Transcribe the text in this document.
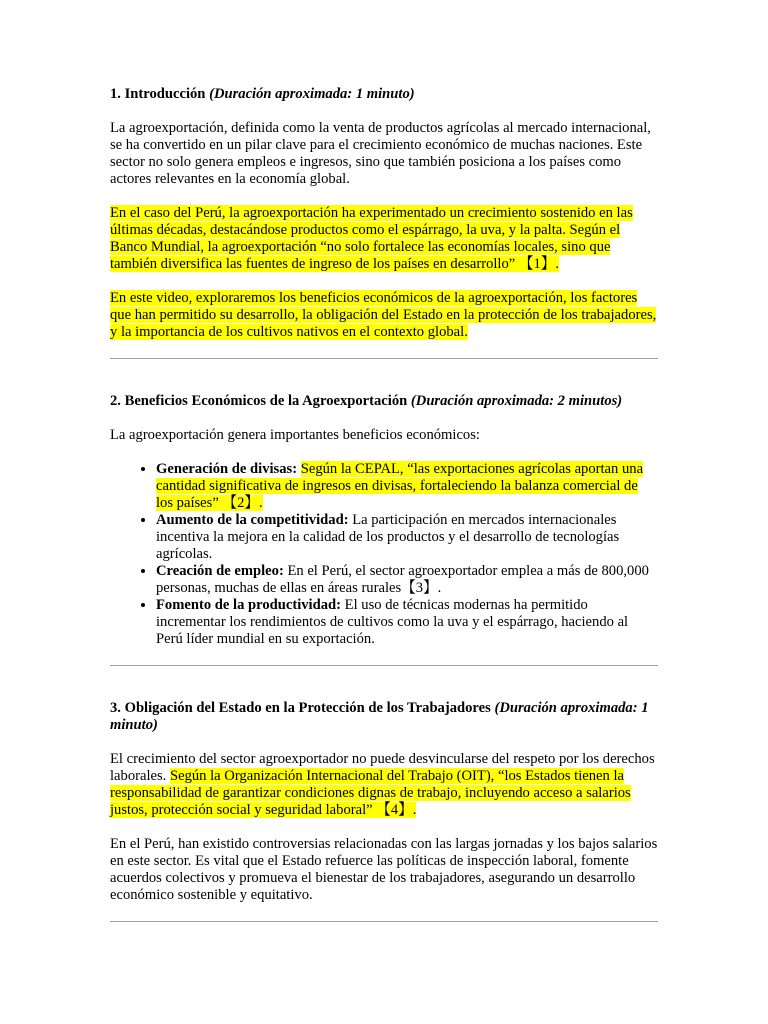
1. Introducción (Duración aproximada: 1 minuto)

La agroexportación, definida como la venta de productos agrícolas al mercado internacional, se ha convertido en un pilar clave para el crecimiento económico de muchas naciones. Este sector no solo genera empleos e ingresos, sino que también posiciona a los países como actores relevantes en la economía global.

En el caso del Perú, la agroexportación ha experimentado un crecimiento sostenido en las últimas décadas, destacándose productos como el espárrago, la uva, y la palta. Según el Banco Mundial, la agroexportación “no solo fortalece las economías locales, sino que también diversifica las fuentes de ingreso de los países en desarrollo” 【1】.

En este video, exploraremos los beneficios económicos de la agroexportación, los factores que han permitido su desarrollo, la obligación del Estado en la protección de los trabajadores, y la importancia de los cultivos nativos en el contexto global.

2. Beneficios Económicos de la Agroexportación (Duración aproximada: 2 minutos)

La agroexportación genera importantes beneficios económicos:

• Generación de divisas: Según la CEPAL, “las exportaciones agrícolas aportan una cantidad significativa de ingresos en divisas, fortaleciendo la balanza comercial de los países” 【2】.
• Aumento de la competitividad: La participación en mercados internacionales incentiva la mejora en la calidad de los productos y el desarrollo de tecnologías agrícolas.
• Creación de empleo: En el Perú, el sector agroexportador emplea a más de 800,000 personas, muchas de ellas en áreas rurales【3】.
• Fomento de la productividad: El uso de técnicas modernas ha permitido incrementar los rendimientos de cultivos como la uva y el espárrago, haciendo al Perú líder mundial en su exportación.
3. Obligación del Estado en la Protección de los Trabajadores (Duración aproximada: 1 minuto)

El crecimiento del sector agroexportador no puede desvincularse del respeto por los derechos laborales. Según la Organización Internacional del Trabajo (OIT), “los Estados tienen la responsabilidad de garantizar condiciones dignas de trabajo, incluyendo acceso a salarios justos, protección social y seguridad laboral” 【4】.

En el Perú, han existido controversias relacionadas con las largas jornadas y los bajos salarios en este sector. Es vital que el Estado refuerce las políticas de inspección laboral, fomente acuerdos colectivos y promueva el bienestar de los trabajadores, asegurando un desarrollo económico sostenible y equitativo.
